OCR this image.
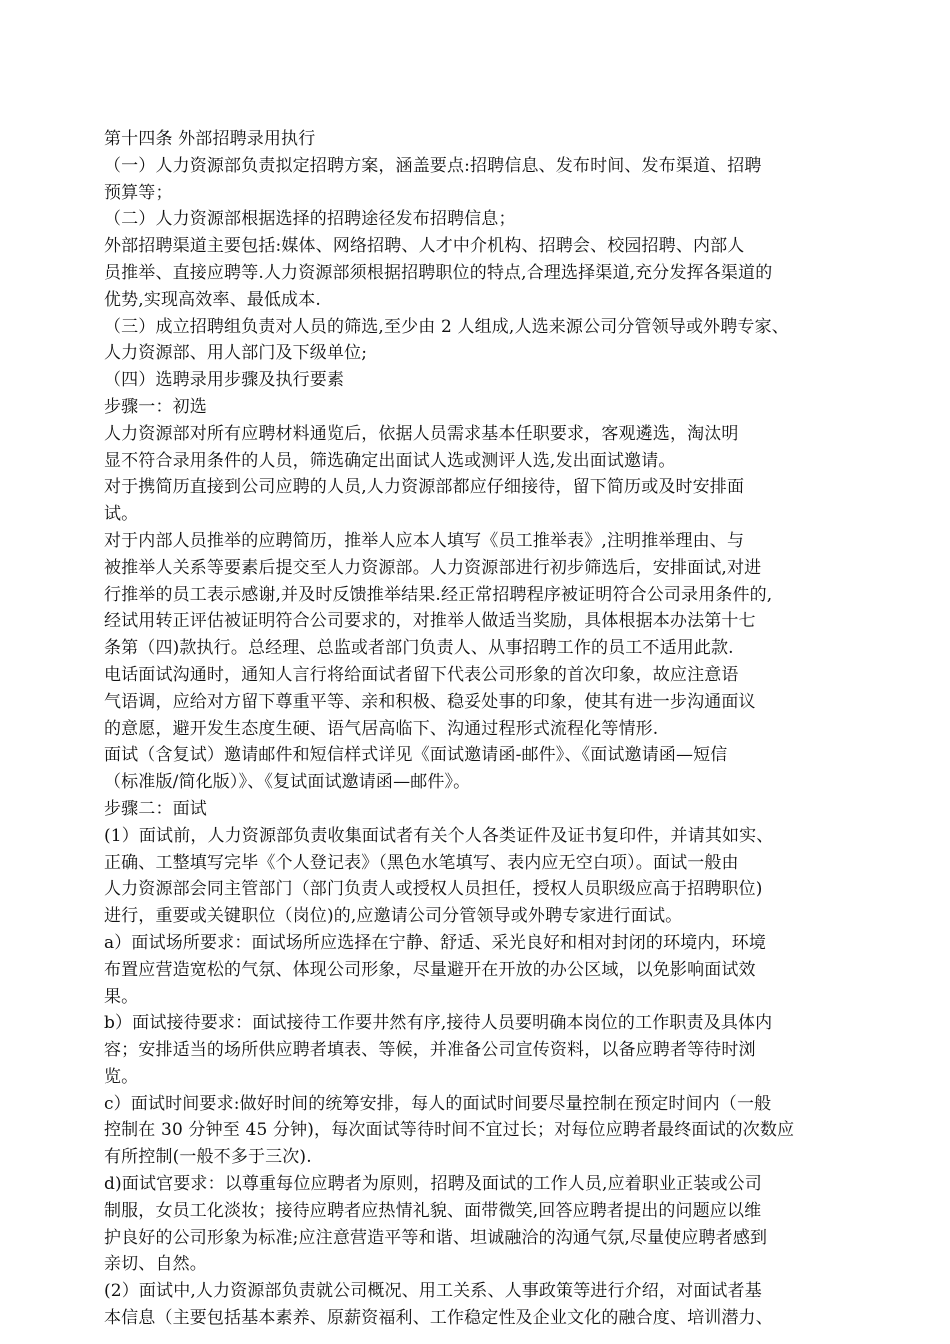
第十四条 外部招聘录用执行
（一）人力资源部负责拟定招聘方案，涵盖要点:招聘信息、发布时间、发布渠道、招聘
预算等；
（二）人力资源部根据选择的招聘途径发布招聘信息；
外部招聘渠道主要包括:媒体、网络招聘、人才中介机构、招聘会、校园招聘、内部人
员推举、直接应聘等.人力资源部须根据招聘职位的特点,合理选择渠道,充分发挥各渠道的
优势,实现高效率、最低成本.
（三）成立招聘组负责对人员的筛选,至少由 2 人组成,人选来源公司分管领导或外聘专家、
人力资源部、用人部门及下级单位;
（四）选聘录用步骤及执行要素
步骤一：初选
人力资源部对所有应聘材料通览后，依据人员需求基本任职要求，客观遴选，淘汰明
显不符合录用条件的人员，筛选确定出面试人选或测评人选,发出面试邀请。
对于携简历直接到公司应聘的人员,人力资源部都应仔细接待，留下简历或及时安排面
试。
对于内部人员推举的应聘简历，推举人应本人填写《员工推举表》,注明推举理由、与
被推举人关系等要素后提交至人力资源部。人力资源部进行初步筛选后，安排面试,对进
行推举的员工表示感谢,并及时反馈推举结果.经正常招聘程序被证明符合公司录用条件的,
经试用转正评估被证明符合公司要求的，对推举人做适当奖励，具体根据本办法第十七
条第（四)款执行。总经理、总监或者部门负责人、从事招聘工作的员工不适用此款.
电话面试沟通时，通知人言行将给面试者留下代表公司形象的首次印象，故应注意语
气语调，应给对方留下尊重平等、亲和积极、稳妥处事的印象，使其有进一步沟通面议
的意愿，避开发生态度生硬、语气居高临下、沟通过程形式流程化等情形.
面试（含复试）邀请邮件和短信样式详见《面试邀请函-邮件》、《面试邀请函—短信
（标准版/简化版）》、《复试面试邀请函—邮件》。
步骤二：面试
(1）面试前，人力资源部负责收集面试者有关个人各类证件及证书复印件，并请其如实、
正确、工整填写完毕《个人登记表》（黑色水笔填写、表内应无空白项）。面试一般由
人力资源部会同主管部门（部门负责人或授权人员担任，授权人员职级应高于招聘职位)
进行，重要或关键职位（岗位)的,应邀请公司分管领导或外聘专家进行面试。
a）面试场所要求：面试场所应选择在宁静、舒适、采光良好和相对封闭的环境内，环境
布置应营造宽松的气氛、体现公司形象，尽量避开在开放的办公区域，以免影响面试效
果。
b）面试接待要求：面试接待工作要井然有序,接待人员要明确本岗位的工作职责及具体内
容；安排适当的场所供应聘者填表、等候，并准备公司宣传资料，以备应聘者等待时浏
览。
c）面试时间要求:做好时间的统筹安排，每人的面试时间要尽量控制在预定时间内（一般
控制在 30 分钟至 45 分钟)，每次面试等待时间不宜过长；对每位应聘者最终面试的次数应
有所控制(一般不多于三次).
d)面试官要求：以尊重每位应聘者为原则，招聘及面试的工作人员,应着职业正装或公司
制服，女员工化淡妆；接待应聘者应热情礼貌、面带微笑,回答应聘者提出的问题应以维
护良好的公司形象为标准;应注意营造平等和谐、坦诚融洽的沟通气氛,尽量使应聘者感到
亲切、自然。
(2）面试中,人力资源部负责就公司概况、用工关系、人事政策等进行介绍，对面试者基
本信息（主要包括基本素养、原薪资福利、工作稳定性及企业文化的融合度、培训潜力、
